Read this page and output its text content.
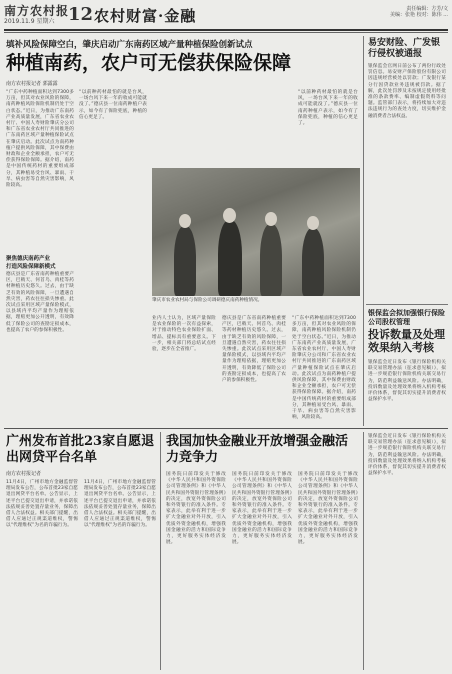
南方农村报
2019.11.9 星期六 12 农村财富·金融	责任编辑：方芳/文
美编：张艳 校对：陈伟 ...
填补风险保障空白，肇庆启动广东南药区域产量种植保险创新试点
种植南药，农户可无偿获保险保障
南方农村报记者 郭露露
“广东中药种植面积达到7300多万亩，但其对农业风险的保障，南药种植风险保险机制仍处于空白状态。”近日，为推动广东南药产业高质量发展，广东省农业农村厅、中国人寿财险肇庆分公司和广东省农业农村厅共同推进的广东南药区域产量种植保险试点在肇庆启动。此次试点为南药种植户提供风险保障，其中保费由财政和企业全额承担，农户可无偿获得保险保障。据介绍，南药是中国传统药材的重要组成部分，其种植易受台风、暴雨、干旱、病虫害等自然灾害影响，风险较高。
聚焦德庆南药产业
打造风险保障新模式
德庆县是广东省南药种植重要产区，巴戟天、何首乌、肉桂等药材种植历史悠久。过去，由于缺乏有效的风险保障，一旦遭遇自然灾害，药农往往损失惨重。此次试点采用区域产量保险模式，以县域内平均产量作为理赔依据，理赔更加公开透明，有效降低了保险公司的查勘定损成本，也提高了农户的参保积极性。
“以前种药材最怕的就是台风，一场台风下来一年的收成可能就没了。”德庆县一位南药种植户表示，如今有了保险兜底，种植的信心更足了。
肇庆市农业农村局与保险公司调研德庆南药种植情况。
业内人士认为，区域产量保险是农业保险的一次有益探索，对于推动特色农业保险扩面、增品、提标具有重要意义。下一步，相关部门将总结试点经验，逐步在全省推广。
德庆县是广东省南药种植重要产区，巴戟天、何首乌、肉桂等药材种植历史悠久。过去，由于缺乏有效的风险保障，一旦遭遇自然灾害，药农往往损失惨重。此次试点采用区域产量保险模式，以县域内平均产量作为理赔依据，理赔更加公开透明，有效降低了保险公司的查勘定损成本，也提高了农户的参保积极性。
“广东中药种植面积达到7300多万亩，但其对农业风险的保障，南药种植风险保险机制仍处于空白状态。”近日，为推动广东南药产业高质量发展，广东省农业农村厅、中国人寿财险肇庆分公司和广东省农业农村厅共同推进的广东南药区域产量种植保险试点在肇庆启动。此次试点为南药种植户提供风险保障，其中保费由财政和企业全额承担，农户可无偿获得保险保障。据介绍，南药是中国传统药材的重要组成部分，其种植易受台风、暴雨、干旱、病虫害等自然灾害影响，风险较高。
“以前种药材最怕的就是台风，一场台风下来一年的收成可能就没了。”德庆县一位南药种植户表示，如今有了保险兜底，种植的信心更足了。
易安财险、广发银行侵权被通报
银保监会官网日前公布了两份行政处罚信息。易安财产保险股份有限公司因违规经营被处以罚款；广发银行某分行因贷款业务违规被罚款。据了解，此次处罚涉及未按规定使用经批准的条款费率、编制虚假资料等问题。监管部门表示，将持续加大对违法违规行为的查处力度，切实维护金融消费者合法权益。
银保监会拟加强银行保险公司股权管理
投诉数量及处理效果纳入考核
银保监会近日发布《银行保险机构关联交易管理办法（征求意见稿）》，拟进一步规范银行保险机构关联交易行为，防范利益输送风险。办法明确，投诉数量及处理效果将纳入机构考核评价体系，督促其切实提升消费者权益保护水平。
广州发布首批23家自愿退出网贷平台名单
南方农村报记者
11月4日，广州市地方金融监督管理局发布公告，公布首批23家自愿退出网贷平台名单。公告显示，上述平台已提交退出申请，并承诺依法依规妥善处置存量业务，保障出借人合法权益。相关部门提醒，出借人应通过正规渠道维权，警惕以“代理维权”为名的诈骗行为。
11月4日，广州市地方金融监督管理局发布公告，公布首批23家自愿退出网贷平台名单。公告显示，上述平台已提交退出申请，并承诺依法依规妥善处置存量业务，保障出借人合法权益。相关部门提醒，出借人应通过正规渠道维权，警惕以“代理维权”为名的诈骗行为。
我国加快金融业开放增强金融活力竞争力
国务院日前印发关于修改《中华人民共和国外资保险公司管理条例》和《中华人民共和国外资银行管理条例》的决定，放宽外资保险公司和外资银行的准入条件。专家表示，此举有利于进一步扩大金融业对外开放，引入优质外资金融机构，增强我国金融业的活力和国际竞争力，更好服务实体经济发展。
国务院日前印发关于修改《中华人民共和国外资保险公司管理条例》和《中华人民共和国外资银行管理条例》的决定，放宽外资保险公司和外资银行的准入条件。专家表示，此举有利于进一步扩大金融业对外开放，引入优质外资金融机构，增强我国金融业的活力和国际竞争力，更好服务实体经济发展。
国务院日前印发关于修改《中华人民共和国外资保险公司管理条例》和《中华人民共和国外资银行管理条例》的决定，放宽外资保险公司和外资银行的准入条件。专家表示，此举有利于进一步扩大金融业对外开放，引入优质外资金融机构，增强我国金融业的活力和国际竞争力，更好服务实体经济发展。
银保监会近日发布《银行保险机构关联交易管理办法（征求意见稿）》，拟进一步规范银行保险机构关联交易行为，防范利益输送风险。办法明确，投诉数量及处理效果将纳入机构考核评价体系，督促其切实提升消费者权益保护水平。
